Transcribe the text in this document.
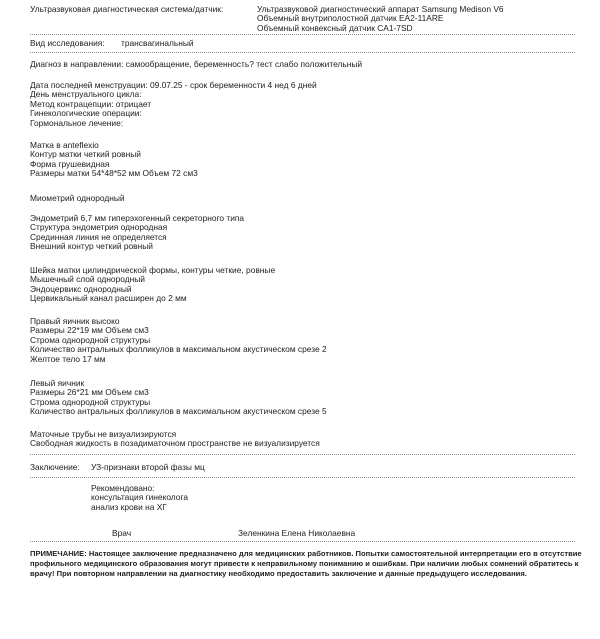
Ультразвуковая диагностическая система/датчик:	Ультразвуковой диагностический аппарат Samsung Medison V6
Объемный внутриполостной датчик EA2-11ARE
Объемный конвексный датчик CA1-7SD
Вид исследования: трансвагинальный
Диагноз в направлении: самообращение, беременность? тест слабо положительный
Дата последней менструации: 09.07.25 - срок беременности 4 нед 6 дней
День менструального цикла:
Метод контрацепции: отрицает
Гинекологические операции:
Гормональное лечение:
Матка в anteflexio
Контур матки четкий ровный
Форма грушевидная
Размеры матки 54*48*52 мм Объем 72 см3
Миометрий однородный
Эндометрий 6,7 мм гиперэхогенный секреторного типа
Структура эндометрия однородная
Срединная линия не определяется
Внешний контур четкий ровный
Шейка матки цилиндрической формы, контуры четкие, ровные
Мышечный слой однородный
Эндоцервикс однородный
Цервикальный канал расширен до 2 мм
Правый яичник высоко
Размеры 22*19 мм Объем см3
Строма однородной структуры
Количество антральных фолликулов в максимальном акустическом срезе 2
Желтое тело 17 мм
Левый яичник
Размеры 26*21 мм Объем см3
Строма однородной структуры
Количество антральных фолликулов в максимальном акустическом срезе 5
Маточные трубы не визуализируются
Свободная жидкость в позадиматочном пространстве не визуализируется
Заключение: УЗ-признаки второй фазы мц
Рекомендовано:
консультация гинеколога
анализ крови на ХГ
Врач	Зеленкина Елена Николаевна
ПРИМЕЧАНИЕ: Настоящее заключение предназначено для медицинских работников. Попытки самостоятельной интерпретации его в отсутствие профильного медицинского образования могут привести к неправильному пониманию и ошибкам. При наличии любых сомнений обратитесь к врачу! При повторном направлении на диагностику необходимо предоставить заключение и данные предыдущего исследования.
